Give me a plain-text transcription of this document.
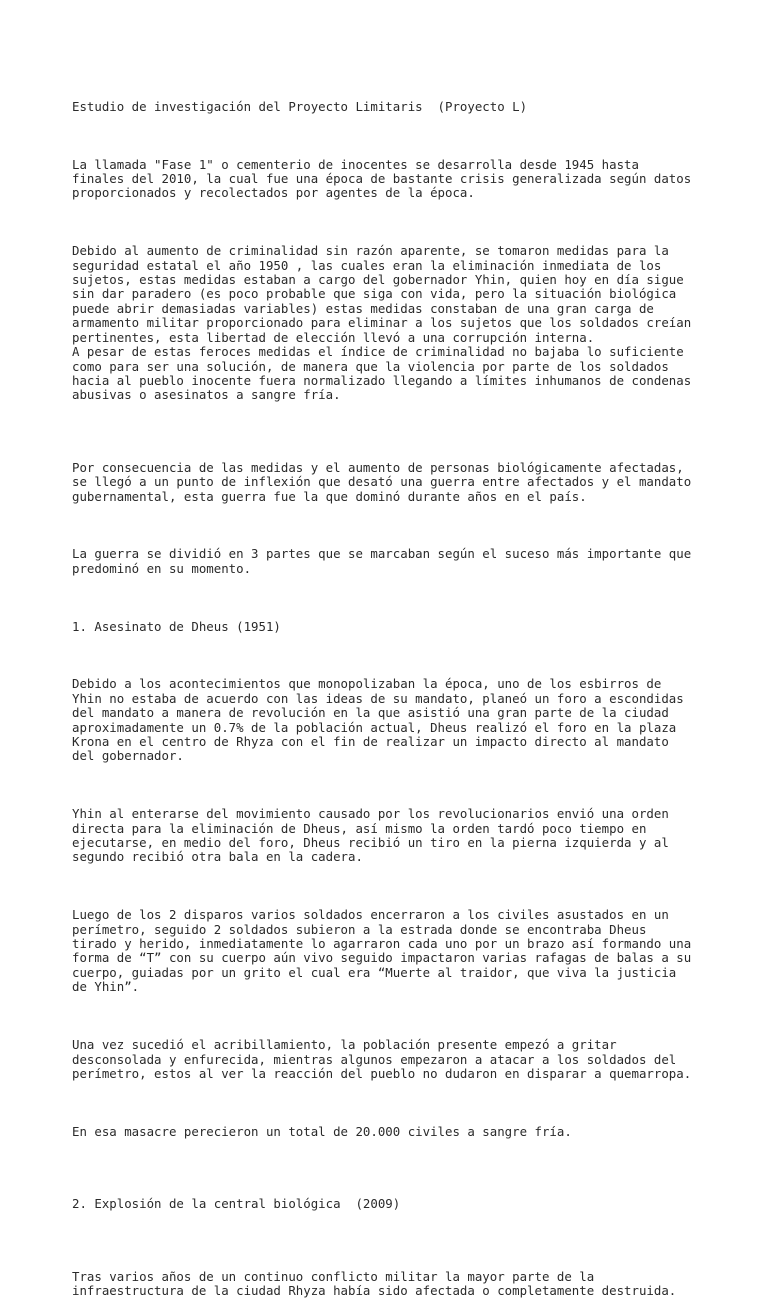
Estudio de investigación del Proyecto Limitaris  (Proyecto L)

La llamada "Fase 1" o cementerio de inocentes se desarrolla desde 1945 hasta
finales del 2010, la cual fue una época de bastante crisis generalizada según datos
proporcionados y recolectados por agentes de la época.

Debido al aumento de criminalidad sin razón aparente, se tomaron medidas para la
seguridad estatal el año 1950 , las cuales eran la eliminación inmediata de los
sujetos, estas medidas estaban a cargo del gobernador Yhin, quien hoy en día sigue
sin dar paradero (es poco probable que siga con vida, pero la situación biológica
puede abrir demasiadas variables) estas medidas constaban de una gran carga de
armamento militar proporcionado para eliminar a los sujetos que los soldados creían
pertinentes, esta libertad de elección llevó a una corrupción interna.
A pesar de estas feroces medidas el índice de criminalidad no bajaba lo suficiente
como para ser una solución, de manera que la violencia por parte de los soldados
hacia al pueblo inocente fuera normalizado llegando a límites inhumanos de condenas
abusivas o asesinatos a sangre fría.

Por consecuencia de las medidas y el aumento de personas biológicamente afectadas,
se llegó a un punto de inflexión que desató una guerra entre afectados y el mandato
gubernamental, esta guerra fue la que dominó durante años en el país.

La guerra se dividió en 3 partes que se marcaban según el suceso más importante que
predominó en su momento.

1. Asesinato de Dheus (1951)

Debido a los acontecimientos que monopolizaban la época, uno de los esbirros de
Yhin no estaba de acuerdo con las ideas de su mandato, planeó un foro a escondidas
del mandato a manera de revolución en la que asistió una gran parte de la ciudad
aproximadamente un 0.7% de la población actual, Dheus realizó el foro en la plaza
Krona en el centro de Rhyza con el fin de realizar un impacto directo al mandato
del gobernador.

Yhin al enterarse del movimiento causado por los revolucionarios envió una orden
directa para la eliminación de Dheus, así mismo la orden tardó poco tiempo en
ejecutarse, en medio del foro, Dheus recibió un tiro en la pierna izquierda y al
segundo recibió otra bala en la cadera.

Luego de los 2 disparos varios soldados encerraron a los civiles asustados en un
perímetro, seguido 2 soldados subieron a la estrada donde se encontraba Dheus
tirado y herido, inmediatamente lo agarraron cada uno por un brazo así formando una
forma de “T” con su cuerpo aún vivo seguido impactaron varias rafagas de balas a su
cuerpo, guiadas por un grito el cual era “Muerte al traidor, que viva la justicia
de Yhin”.

Una vez sucedió el acribillamiento, la población presente empezó a gritar
desconsolada y enfurecida, mientras algunos empezaron a atacar a los soldados del
perímetro, estos al ver la reacción del pueblo no dudaron en disparar a quemarropa.

En esa masacre perecieron un total de 20.000 civiles a sangre fría.

2. Explosión de la central biológica  (2009)

Tras varios años de un continuo conflicto militar la mayor parte de la
infraestructura de la ciudad Rhyza había sido afectada o completamente destruida.
